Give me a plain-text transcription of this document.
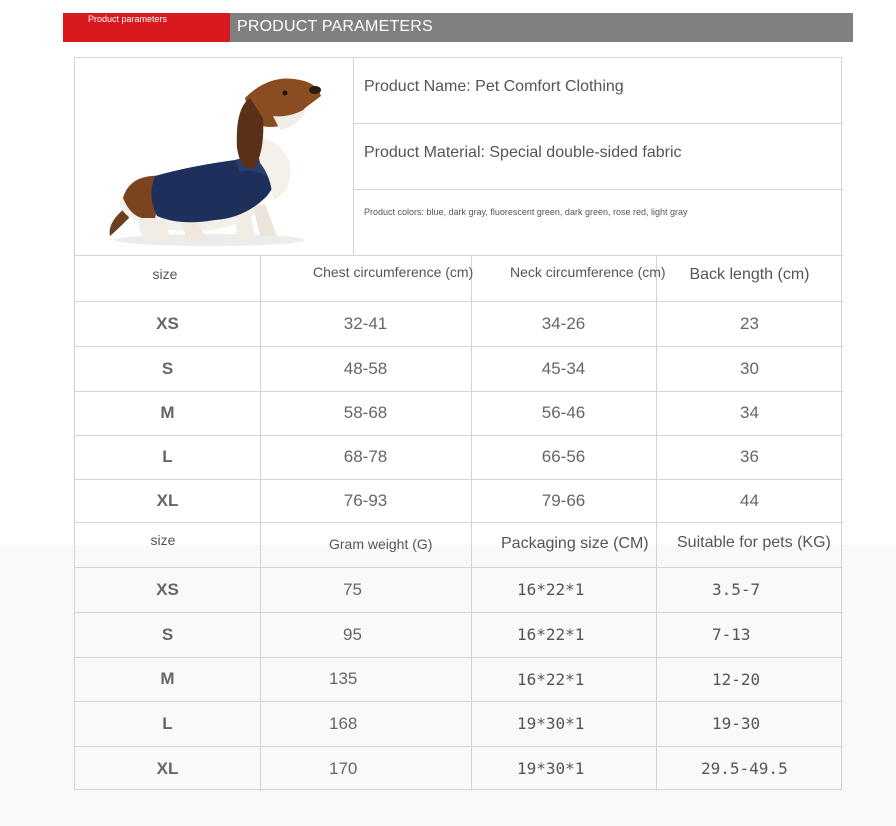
Product parameters	PRODUCT PARAMETERS
Product Name: Pet Comfort Clothing
Product Material: Special double-sided fabric
Product colors: blue, dark gray, fluorescent green, dark green, rose red, light gray
size	Chest circumference (cm)	Neck circumference (cm)	Back length (cm)
XS	32-41	34-26	23
S	48-58	45-34	30
M	58-68	56-46	34
L	68-78	66-56	36
XL	76-93	79-66	44
size	Gram weight (G)	Packaging size (CM)	Suitable for pets (KG)
XS	75	16*22*1	3.5-7
S	95	16*22*1	7-13
M	135	16*22*1	12-20
L	168	19*30*1	19-30
XL	170	19*30*1	29.5-49.5
